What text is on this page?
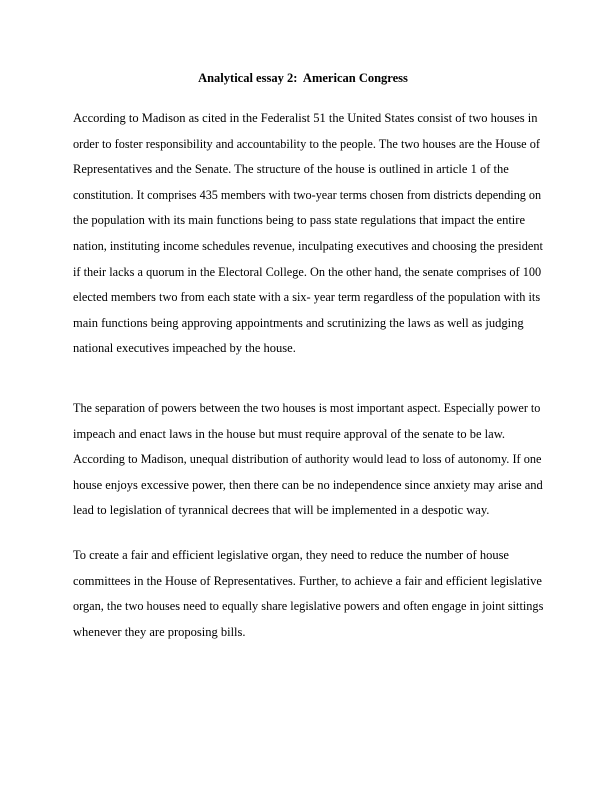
Analytical essay 2:  American Congress
According to Madison as cited in the Federalist 51 the United States consist of two houses in
order to foster responsibility and accountability to the people. The two houses are the House of
Representatives and the Senate. The structure of the house is outlined in article 1 of the
constitution. It comprises 435 members with two-year terms chosen from districts depending on
the population with its main functions being to pass state regulations that impact the entire
nation, instituting income schedules revenue, inculpating executives and choosing the president
if their lacks a quorum in the Electoral College. On the other hand, the senate comprises of 100
elected members two from each state with a six- year term regardless of the population with its
main functions being approving appointments and scrutinizing the laws as well as judging
national executives impeached by the house.
The separation of powers between the two houses is most important aspect. Especially power to
impeach and enact laws in the house but must require approval of the senate to be law.
According to Madison, unequal distribution of authority would lead to loss of autonomy. If one
house enjoys excessive power, then there can be no independence since anxiety may arise and
lead to legislation of tyrannical decrees that will be implemented in a despotic way.
To create a fair and efficient legislative organ, they need to reduce the number of house
committees in the House of Representatives. Further, to achieve a fair and efficient legislative
organ, the two houses need to equally share legislative powers and often engage in joint sittings
whenever they are proposing bills.
